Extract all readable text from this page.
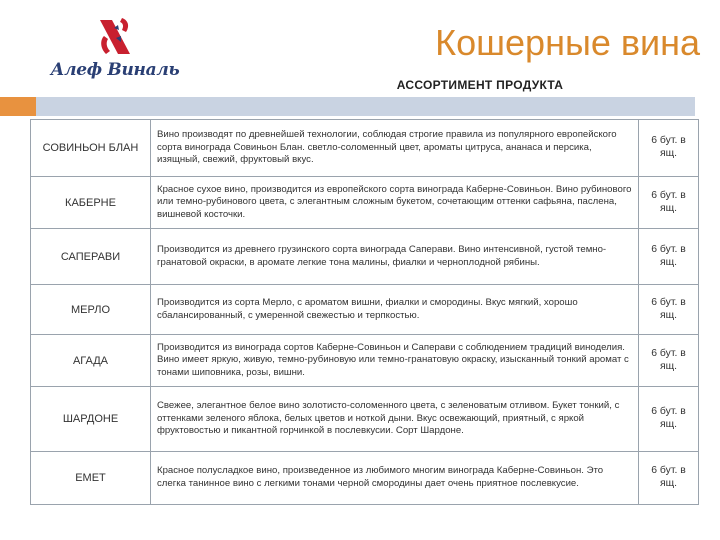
Алеф Виналь
Кошерные вина
АССОРТИМЕНТ ПРОДУКТА
СОВИНЬОН БЛАН	Вино производят по древнейшей технологии, соблюдая строгие правила из популярного европейского сорта винограда Совиньон Блан. светло-соломенный цвет, ароматы цитруса, ананаса и персика, изящный, свежий, фруктовый вкус.	6 бут. в ящ.
КАБЕРНЕ	Красное сухое вино, производится из европейского сорта винограда Каберне-Совиньон. Вино рубинового или темно-рубинового цвета, с элегантным сложным букетом, сочетающим оттенки сафьяна, паслена, вишневой косточки.	6 бут. в ящ.
САПЕРАВИ	Производится из древнего грузинского сорта винограда Саперави. Вино интенсивной, густой темно-гранатовой окраски, в аромате легкие тона малины, фиалки и черноплодной рябины.	6 бут. в ящ.
МЕРЛО	Производится из сорта Мерло, с ароматом вишни, фиалки и смородины. Вкус мягкий, хорошо сбалансированный, с умеренной свежестью и терпкостью.	6 бут. в ящ.
АГАДА	Производится из винограда сортов Каберне-Совиньон и Саперави с соблюдением традиций виноделия. Вино имеет яркую, живую, темно-рубиновую или темно-гранатовую окраску, изысканный тонкий аромат с тонами шиповника, розы, вишни.	6 бут. в ящ.
ШАРДОНЕ	Свежее, элегантное белое вино золотисто-соломенного цвета, с зеленоватым отливом. Букет тонкий, с оттенками зеленого яблока, белых цветов и ноткой дыни. Вкус освежающий, приятный, с яркой фруктовостью и пикантной горчинкой в послевкусии. Сорт Шардоне.	6 бут. в ящ.
ЕМЕТ	Красное полусладкое вино, произведенное из любимого многим винограда Каберне-Совиньон. Это слегка танинное вино с легкими тонами черной смородины дает очень приятное послевкусие.	6 бут. в ящ.
